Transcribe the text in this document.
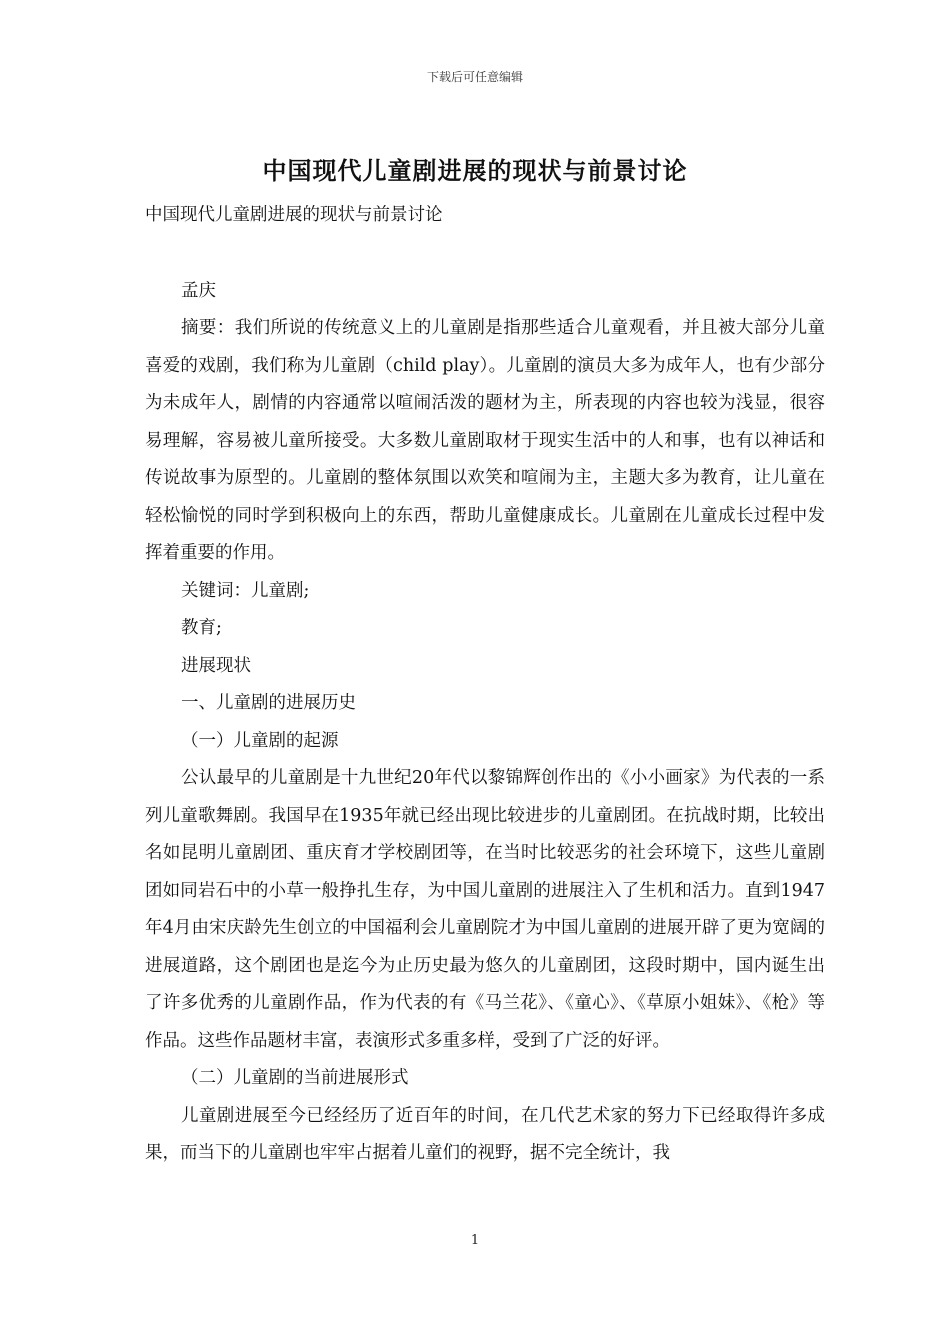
下载后可任意编辑
中国现代儿童剧进展的现状与前景讨论

中国现代儿童剧进展的现状与前景讨论

孟庆

摘要：我们所说的传统意义上的儿童剧是指那些适合儿童观看，并且被大部分儿童喜爱的戏剧，我们称为儿童剧（child play）。儿童剧的演员大多为成年人，也有少部分为未成年人，剧情的内容通常以喧闹活泼的题材为主，所表现的内容也较为浅显，很容易理解，容易被儿童所接受。大多数儿童剧取材于现实生活中的人和事，也有以神话和传说故事为原型的。儿童剧的整体氛围以欢笑和喧闹为主，主题大多为教育，让儿童在轻松愉悦的同时学到积极向上的东西，帮助儿童健康成长。儿童剧在儿童成长过程中发挥着重要的作用。

关键词：儿童剧;

教育;

进展现状

一、儿童剧的进展历史

（一）儿童剧的起源

公认最早的儿童剧是十九世纪20年代以黎锦辉创作出的《小小画家》为代表的一系列儿童歌舞剧。我国早在1935年就已经出现比较进步的儿童剧团。在抗战时期，比较出名如昆明儿童剧团、重庆育才学校剧团等，在当时比较恶劣的社会环境下，这些儿童剧团如同岩石中的小草一般挣扎生存，为中国儿童剧的进展注入了生机和活力。直到1947年4月由宋庆龄先生创立的中国福利会儿童剧院才为中国儿童剧的进展开辟了更为宽阔的进展道路，这个剧团也是迄今为止历史最为悠久的儿童剧团，这段时期中，国内诞生出了许多优秀的儿童剧作品，作为代表的有《马兰花》、《童心》、《草原小姐妹》、《枪》等作品。这些作品题材丰富，表演形式多重多样，受到了广泛的好评。

（二）儿童剧的当前进展形式

儿童剧进展至今已经经历了近百年的时间，在几代艺术家的努力下已经取得许多成果，而当下的儿童剧也牢牢占据着儿童们的视野，据不完全统计，我

1
